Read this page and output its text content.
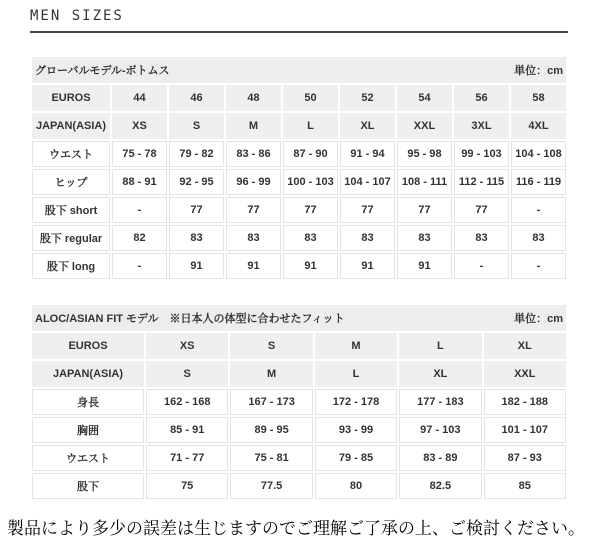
MEN SIZES
グローバルモデル-ボトムス 単位：cm								

EUROS	44	46	48	50	52	54	56	58
JAPAN(ASIA)	XS	S	M	L	XL	XXL	3XL	4XL
ウエスト	75 - 78	79 - 82	83 - 86	87 - 90	91 - 94	95 - 98	99 - 103	104 - 108
ヒップ	88 - 91	92 - 95	96 - 99	100 - 103	104 - 107	108 - 111	112 - 115	116 - 119
股下 short	-	77	77	77	77	77	77	-
股下 regular	82	83	83	83	83	83	83	83
股下 long	-	91	91	91	91	91	-	-
ALOC/ASIAN FIT モデル　※日本人の体型に合わせたフィット 単位：cm					

EUROS	XS	S	M	L	XL
JAPAN(ASIA)	S	M	L	XL	XXL
身長	162 - 168	167 - 173	172 - 178	177 - 183	182 - 188
胸囲	85 - 91	89 - 95	93 - 99	97 - 103	101 - 107
ウエスト	71 - 77	75 - 81	79 - 85	83 - 89	87 - 93
股下	75	77.5	80	82.5	85

製品により多少の誤差は生じますのでご理解ご了承の上、ご検討ください。
